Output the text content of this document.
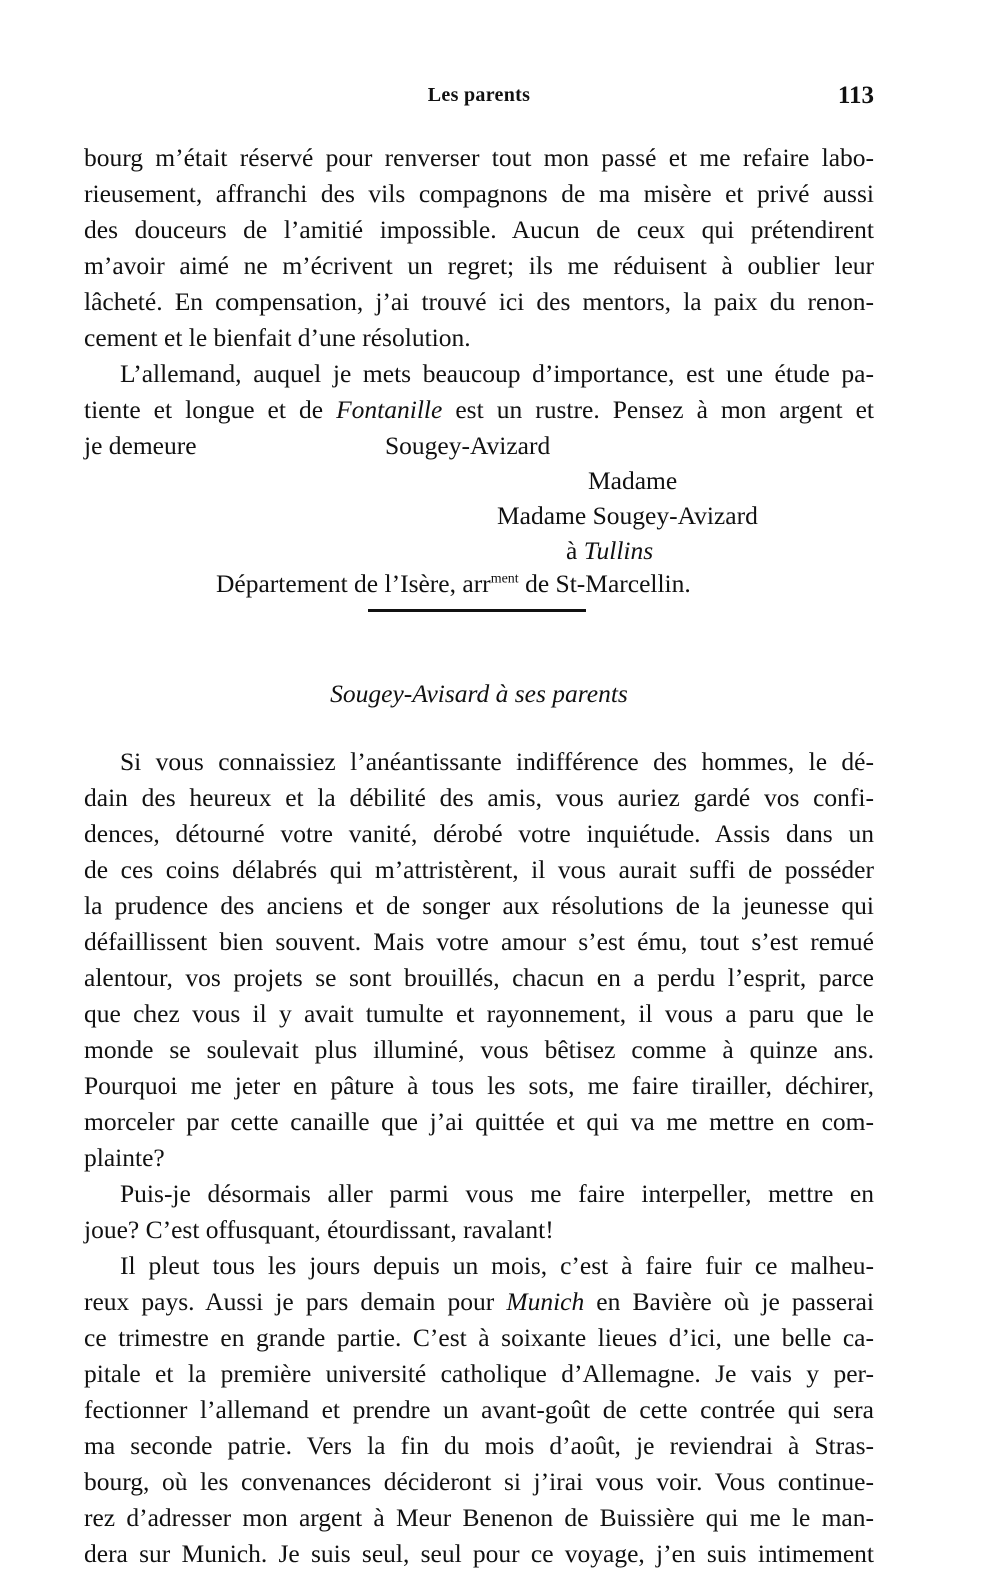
Les parents	113
bourg m’était réservé pour renverser tout mon passé et me refaire labo-
rieusement, affranchi des vils compagnons de ma misère et privé aussi
des douceurs de l’amitié impossible. Aucun de ceux qui prétendirent
m’avoir aimé ne m’écrivent un regret; ils me réduisent à oublier leur
lâcheté. En compensation, j’ai trouvé ici des mentors, la paix du renon-
cement et le bienfait d’une résolution.
L’allemand, auquel je mets beaucoup d’importance, est une étude pa-
tiente et longue et de Fontanille est un rustre. Pensez à mon argent et
je demeure	Sougey-Avizard
Madame
Madame Sougey-Avizard
à Tullins
Département de l’Isère, arr$^{ment}$ de St-Marcellin.
Sougey-Avisard à ses parents
Si vous connaissiez l’anéantissante indifférence des hommes, le dé-
dain des heureux et la débilité des amis, vous auriez gardé vos confi-
dences, détourné votre vanité, dérobé votre inquiétude. Assis dans un
de ces coins délabrés qui m’attristèrent, il vous aurait suffi de posséder
la prudence des anciens et de songer aux résolutions de la jeunesse qui
défaillissent bien souvent. Mais votre amour s’est ému, tout s’est remué
alentour, vos projets se sont brouillés, chacun en a perdu l’esprit, parce
que chez vous il y avait tumulte et rayonnement, il vous a paru que le
monde se soulevait plus illuminé, vous bêtisez comme à quinze ans.
Pourquoi me jeter en pâture à tous les sots, me faire tirailler, déchirer,
morceler par cette canaille que j’ai quittée et qui va me mettre en com-
plainte?
Puis-je désormais aller parmi vous me faire interpeller, mettre en
joue? C’est offusquant, étourdissant, ravalant!
Il pleut tous les jours depuis un mois, c’est à faire fuir ce malheu-
reux pays. Aussi je pars demain pour Munich en Bavière où je passerai
ce trimestre en grande partie. C’est à soixante lieues d’ici, une belle ca-
pitale et la première université catholique d’Allemagne. Je vais y per-
fectionner l’allemand et prendre un avant-goût de cette contrée qui sera
ma seconde patrie. Vers la fin du mois d’août, je reviendrai à Stras-
bourg, où les convenances décideront si j’irai vous voir. Vous continue-
rez d’adresser mon argent à Meur Benenon de Buissière qui me le man-
dera sur Munich. Je suis seul, seul pour ce voyage, j’en suis intimement
